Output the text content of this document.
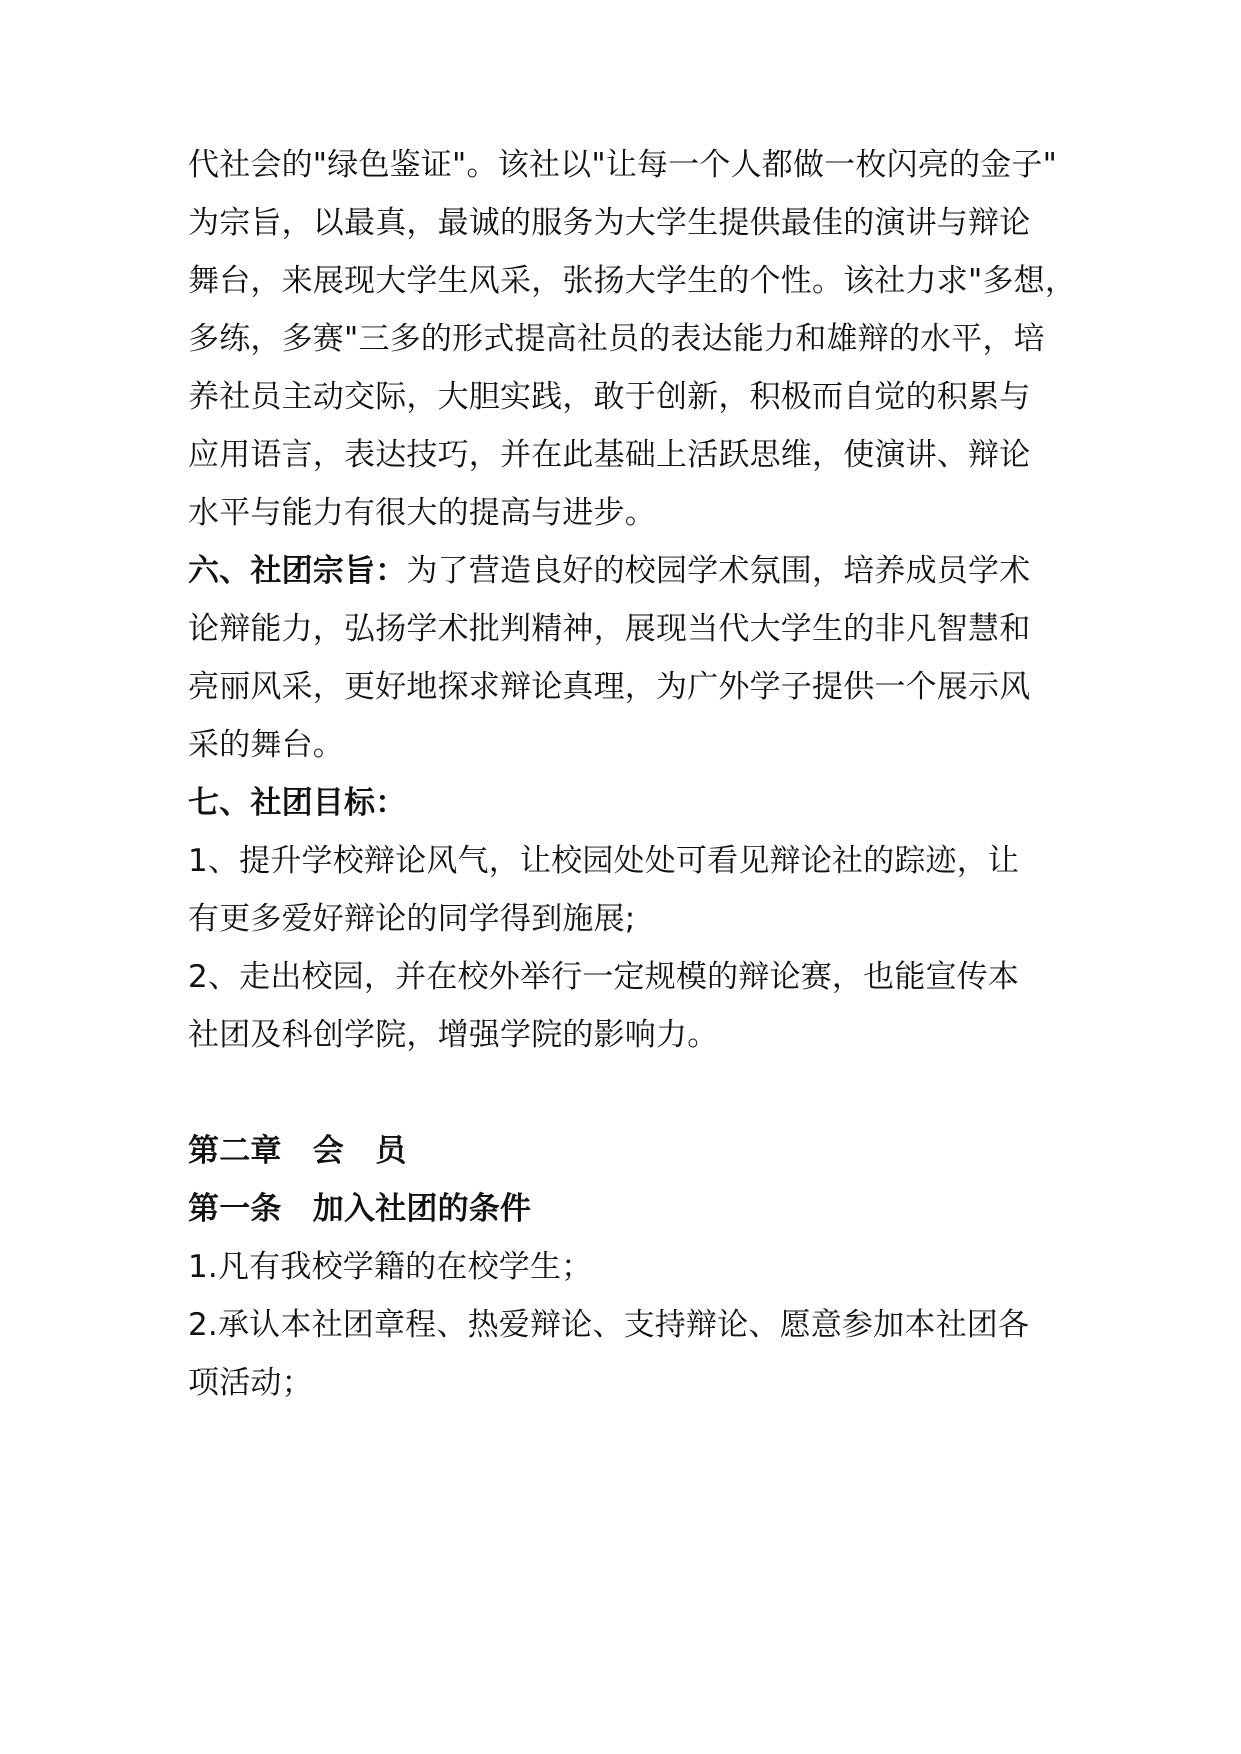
代社会的"绿色鉴证"。该社以"让每一个人都做一枚闪亮的金子"
为宗旨，以最真，最诚的服务为大学生提供最佳的演讲与辩论
舞台，来展现大学生风采，张扬大学生的个性。该社力求"多想，
多练，多赛"三多的形式提高社员的表达能力和雄辩的水平，培
养社员主动交际，大胆实践，敢于创新，积极而自觉的积累与
应用语言，表达技巧，并在此基础上活跃思维，使演讲、辩论
水平与能力有很大的提高与进步。
六、社团宗旨：为了营造良好的校园学术氛围，培养成员学术
论辩能力，弘扬学术批判精神，展现当代大学生的非凡智慧和
亮丽风采，更好地探求辩论真理，为广外学子提供一个展示风
采的舞台。
七、社团目标：
1、提升学校辩论风气，让校园处处可看见辩论社的踪迹，让
有更多爱好辩论的同学得到施展;
2、走出校园，并在校外举行一定规模的辩论赛，也能宣传本
社团及科创学院，增强学院的影响力。
第二章　会　员
第一条　加入社团的条件
1.凡有我校学籍的在校学生；
2.承认本社团章程、热爱辩论、支持辩论、愿意参加本社团各
项活动；
